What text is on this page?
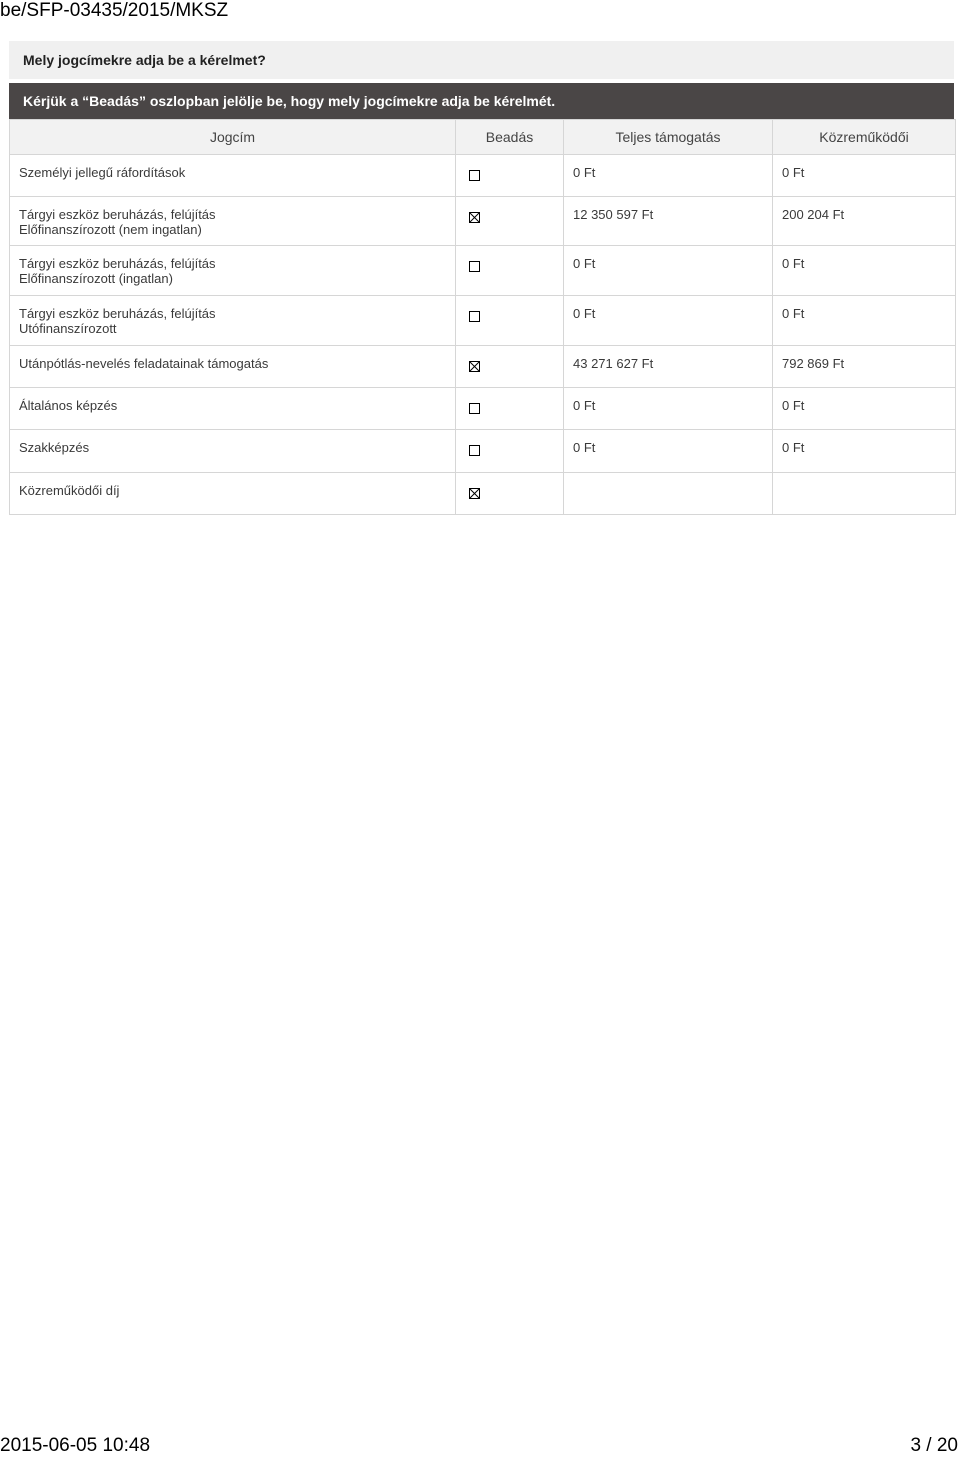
be/SFP-03435/2015/MKSZ
Mely jogcímekre adja be a kérelmet?
Kérjük a “Beadás” oszlopban jelölje be, hogy mely jogcímekre adja be kérelmét.
Jogcím	Beadás	Teljes támogatás	Közreműködői

Személyi jellegű ráfordítások		0 Ft	0 Ft

Tárgyi eszköz beruházás, felújítás
Előfinanszírozott (nem ingatlan)		12 350 597 Ft	200 204 Ft

Tárgyi eszköz beruházás, felújítás
Előfinanszírozott (ingatlan)		0 Ft	0 Ft

Tárgyi eszköz beruházás, felújítás
Utófinanszírozott		0 Ft	0 Ft

Utánpótlás-nevelés feladatainak támogatás		43 271 627 Ft	792 869 Ft

Általános képzés		0 Ft	0 Ft

Szakképzés		0 Ft	0 Ft

Közreműködői díj

2015-06-05 10:48	3 / 20
